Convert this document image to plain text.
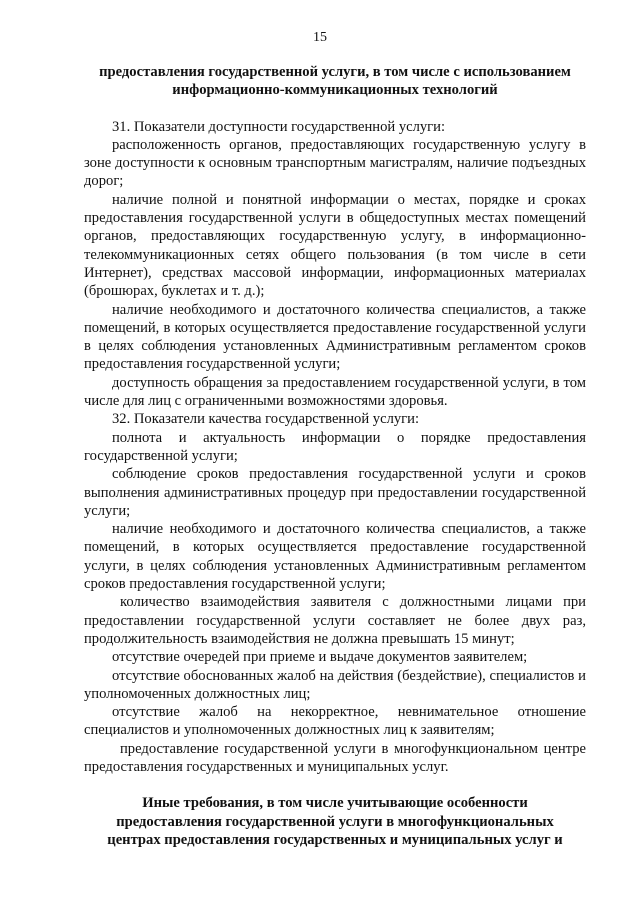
15

предоставления государственной услуги, в том числе с использованием информационно-коммуникационных технологий

31. Показатели доступности государственной услуги:

расположенность органов, предоставляющих государственную услугу в зоне доступности к основным транспортным магистралям, наличие подъездных дорог;

наличие полной и понятной информации о местах, порядке и сроках предоставления государственной услуги в общедоступных местах помещений органов, предоставляющих государственную услугу, в информационно-телекоммуникационных сетях общего пользования (в том числе в сети Интернет), средствах массовой информации, информационных материалах (брошюрах, буклетах и т. д.);

наличие необходимого и достаточного количества специалистов, а также помещений, в которых осуществляется предоставление государственной услуги в целях соблюдения установленных Административным регламентом сроков предоставления государственной услуги;

доступность обращения за предоставлением государственной услуги, в том числе для лиц с ограниченными возможностями здоровья.

32. Показатели качества государственной услуги:

полнота и актуальность информации о порядке предоставления государственной услуги;

соблюдение сроков предоставления государственной услуги и сроков выполнения административных процедур при предоставлении государственной услуги;

наличие необходимого и достаточного количества специалистов, а также помещений, в которых осуществляется предоставление государственной услуги, в целях соблюдения установленных Административным регламентом сроков предоставления государственной услуги;

количество взаимодействия заявителя с должностными лицами при предоставлении государственной услуги составляет не более двух раз, продолжительность взаимодействия не должна превышать 15 минут;

отсутствие очередей при приеме и выдаче документов заявителем;

отсутствие обоснованных жалоб на действия (бездействие), специалистов и уполномоченных должностных лиц;

отсутствие жалоб на некорректное, невнимательное отношение специалистов и уполномоченных должностных лиц к заявителям;

предоставление государственной услуги в многофункциональном центре предоставления государственных и муниципальных услуг.

Иные требования, в том числе учитывающие особенности предоставления государственной услуги в многофункциональных центрах предоставления государственных и муниципальных услуг и
